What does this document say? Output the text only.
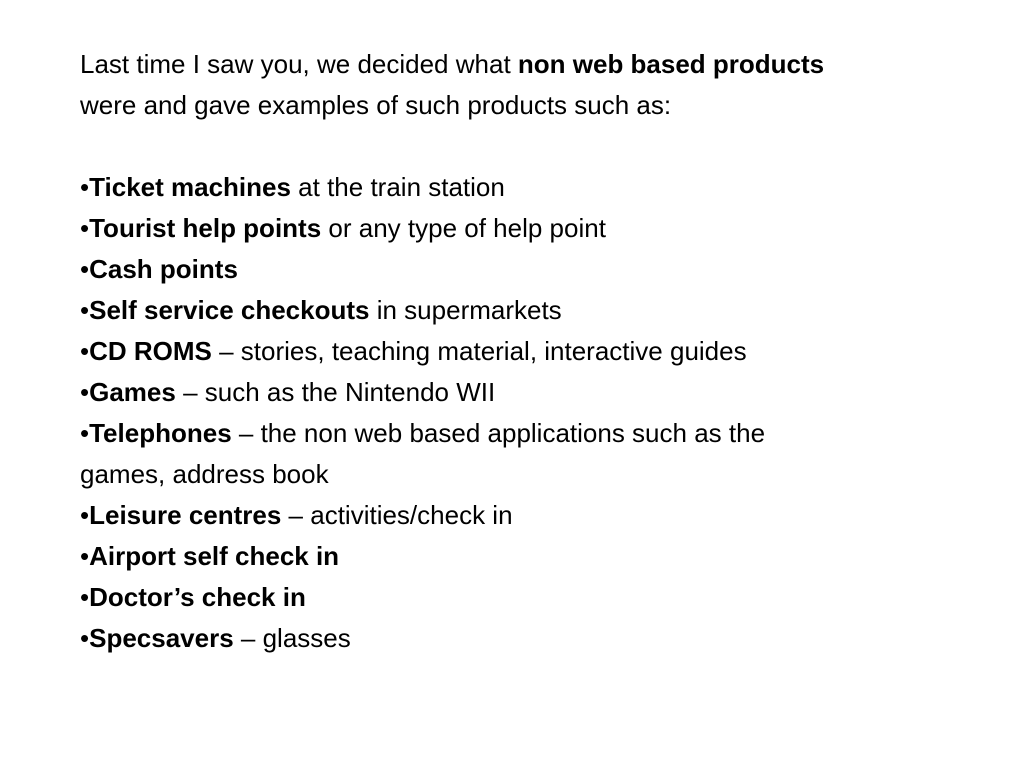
Last time I saw you, we decided what non web based products
were and gave examples of such products such as:

•Ticket machines at the train station
•Tourist help points or any type of help point
•Cash points
•Self service checkouts in supermarkets
•CD ROMS – stories, teaching material, interactive guides
•Games – such as the Nintendo WII
•Telephones – the non web based applications such as the
games, address book
•Leisure centres – activities/check in
•Airport self check in
•Doctor’s check in
•Specsavers – glasses
